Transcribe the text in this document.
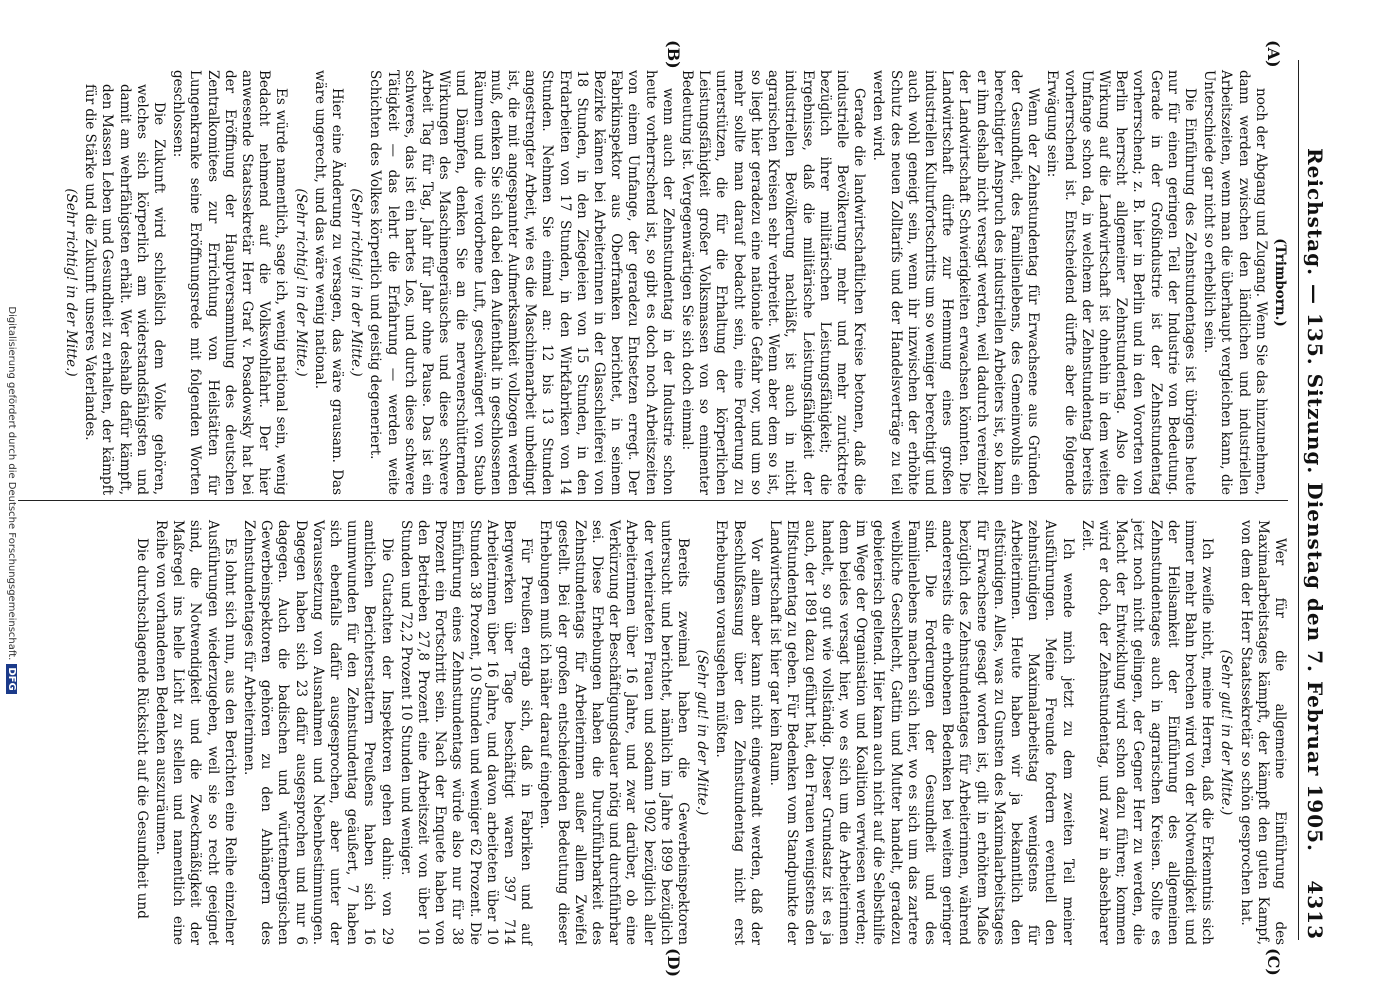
Reichstag. — 135. Sitzung. Dienstag den 7. Februar 1905.
4313
(A)
(B)
(C)
(D)

(Trimborn.)

noch der Abgang und Zugang. Wenn Sie das hinzunehmen, dann werden zwischen den ländlichen und industriellen Arbeitszeiten, wenn man die überhaupt vergleichen kann, die Unterschiede gar nicht so erheblich sein.

Die Einführung des Zehnstundentages ist übrigens heute nur für einen geringen Teil der Industrie von Bedeutung. Gerade in der Großindustrie ist der Zehnstundentag vorherrschend; z. B. hier in Berlin und in den Vororten von Berlin herrscht allgemeiner Zehnstundentag. Also die Wirkung auf die Landwirtschaft ist ohnehin in dem weiten Umfange schon da, in welchem der Zehnstundentag bereits vorherrschend ist. Entscheidend dürfte aber die folgende Erwägung sein:

Wenn der Zehnstundentag für Erwachsene aus Gründen der Gesundheit, des Familienlebens, des Gemeinwohls ein berechtigter Anspruch des industriellen Arbeiters ist, so kann er ihm deshalb nicht versagt werden, weil dadurch vereinzelt der Landwirtschaft Schwierigkeiten erwachsen könnten. Die Landwirtschaft dürfte zur Hemmung eines großen industriellen Kulturfortschritts um so weniger berechtigt und auch wohl geneigt sein, wenn ihr inzwischen der erhöhte Schutz des neuen Zolltarifs und der Handelsverträge zu teil werden wird.

Gerade die landwirtschaftlichen Kreise betonen, daß die industrielle Bevölkerung mehr und mehr zurücktrete bezüglich ihrer militärischen Leistungsfähigkeit; die Ergebnisse, daß die militärische Leistungsfähigkeit der industriellen Bevölkerung nachläßt, ist auch in nicht agrarischen Kreisen sehr verbreitet. Wenn aber dem so ist, so liegt hier geradezu eine nationale Gefahr vor, und um so mehr sollte man darauf bedacht sein, eine Forderung zu unterstützen, die für die Erhaltung der körperlichen Leistungsfähigkeit großer Volksmassen von so eminenter Bedeutung ist. Vergegenwärtigen Sie sich doch einmal:

wenn auch der Zehnstundentag in der Industrie schon heute vorherrschend ist, so gibt es doch noch Arbeitszeiten von einem Umfange, der geradezu Entsetzen erregt. Der Fabrikinspektor aus Oberfranken berichtet, in seinem Bezirke kämen bei Arbeiterinnen in der Glasschleiferei von 18 Stunden, in den Ziegeleien von 15 Stunden, in den Erdarbeiten von 17 Stunden, in den Wirkfabriken von 14 Stunden. Nehmen Sie einmal an: 12 bis 13 Stunden angestrengter Arbeit, wie es die Maschinenarbeit unbedingt ist, die mit angespannter Aufmerksamkeit vollzogen werden muß, denken Sie sich dabei den Aufenthalt in geschlossenen Räumen und die verdorbene Luft, geschwängert von Staub und Dämpfen, denken Sie an die nervenerschütternden Wirkungen des Maschinengeräusches und diese schwere Arbeit Tag für Tag, Jahr für Jahr ohne Pause. Das ist ein schweres, das ist ein hartes Los, und durch diese schwere Tätigkeit — das lehrt die Erfahrung — werden weite Schichten des Volkes körperlich und geistig degeneriert.

(Sehr richtig! in der Mitte.)

Hier eine Änderung zu versagen, das wäre grausam. Das wäre ungerecht, und das wäre wenig national.

(Sehr richtig! in der Mitte.)

Es würde namentlich, sage ich, wenig national sein, wenig Bedacht nehmend auf die Volkswohlfahrt. Der hier anwesende Staatssekretär Herr Graf v. Posadowsky hat bei der Eröffnung der Hauptversammlung des deutschen Zentralkomitees zur Errichtung von Heilstätten für Lungenkranke seine Eröffnungsrede mit folgenden Worten geschlossen:

Die Zukunft wird schließlich dem Volke gehören, welches sich körperlich am widerstandsfähigsten und damit am wehrfähigsten erhält. Wer deshalb dafür kämpft, den Massen Leben und Gesundheit zu erhalten, der kämpft für die Stärke und die Zukunft unseres Vaterlandes.

(Sehr richtig! in der Mitte.)

Wer für die allgemeine Einführung des Maximalarbeitstages kämpft, der kämpft den guten Kampf, von dem der Herr Staatssekretär so schön gesprochen hat.

(Sehr gut! in der Mitte.)

Ich zweifle nicht, meine Herren, daß die Erkenntnis sich immer mehr Bahn brechen wird von der Notwendigkeit und der Heilsamkeit der Einführung des allgemeinen Zehnstundentages auch in agrarischen Kreisen. Sollte es jetzt noch nicht gelingen, der Gegner Herr zu werden, die Macht der Entwicklung wird schon dazu führen; kommen wird er doch, der Zehnstundentag, und zwar in absehbarer Zeit.

Ich wende mich jetzt zu dem zweiten Teil meiner Ausführungen. Meine Freunde fordern eventuell den zehnstündigen Maximalarbeitstag wenigstens für Arbeiterinnen. Heute haben wir ja bekanntlich den elfstündigen. Alles, was zu Gunsten des Maximalarbeitstages für Erwachsene gesagt worden ist, gilt in erhöhtem Maße bezüglich des Zehnstundentages für Arbeiterinnen, während andererseits die erhobenen Bedenken bei weitem geringer sind. Die Forderungen der Gesundheit und des Familienlebens machen sich hier, wo es sich um das zartere weibliche Geschlecht, Gattin und Mutter handelt, geradezu gebieterisch geltend. Hier kann auch nicht auf die Selbsthilfe im Wege der Organisation und Koalition verwiesen werden; denn beides versagt hier, wo es sich um die Arbeiterinnen handelt, so gut wie vollständig. Dieser Grundsatz ist es ja auch, der 1891 dazu geführt hat, den Frauen wenigstens den Elfstundentag zu geben. Für Bedenken vom Standpunkte der Landwirtschaft ist hier gar kein Raum.

Vor allem aber kann nicht eingewandt werden, daß der Beschlußfassung über den Zehnstundentag nicht erst Erhebungen vorausgehen müßten.

(Sehr gut! in der Mitte.)

Bereits zweimal haben die Gewerbeinspektoren untersucht und berichtet, nämlich im Jahre 1899 bezüglich der verheirateten Frauen und sodann 1902 bezüglich aller Arbeiterinnen über 16 Jahre, und zwar darüber, ob eine Verkürzung der Beschäftigungsdauer nötig und durchführbar sei. Diese Erhebungen haben die Durchführbarkeit des Zehnstundentags für Arbeiterinnen außer allem Zweifel gestellt. Bei der großen entscheidenden Bedeutung dieser Erhebungen muß ich näher darauf eingehen.

Für Preußen ergab sich, daß in Fabriken und auf Bergwerken über Tage beschäftigt waren 397 714 Arbeiterinnen über 16 Jahre, und davon arbeiteten über 10 Stunden 38 Prozent, 10 Stunden und weniger 62 Prozent. Die Einführung eines Zehnstundentags würde also nur für 38 Prozent ein Fortschritt sein. Nach der Enquete haben von den Betrieben 27,8 Prozent eine Arbeitszeit von über 10 Stunden und 72,2 Prozent 10 Stunden und weniger.

Die Gutachten der Inspektoren gehen dahin: von 29 amtlichen Berichterstattern Preußens haben sich 16 unumwunden für den Zehnstundentag geäußert, 7 haben sich ebenfalls dafür ausgesprochen, aber unter der Voraussetzung von Ausnahmen und Nebenbestimmungen. Dagegen haben sich 23 dafür ausgesprochen und nur 6 dagegen. Auch die badischen und württembergischen Gewerbeinspektoren gehören zu den Anhängern des Zehnstundentages für Arbeiterinnen.

Es lohnt sich nun, aus den Berichten eine Reihe einzelner Ausführungen wiederzugeben, weil sie so recht geeignet sind, die Notwendigkeit und die Zweckmäßigkeit der Maßregel ins helle Licht zu stellen und namentlich eine Reihe von vorhandenen Bedenken auszuräumen.

Die durchschlagende Rücksicht auf die Gesundheit und

Digitalisierung gefördert durch die Deutsche Forschungsgemeinschaft.DFG
